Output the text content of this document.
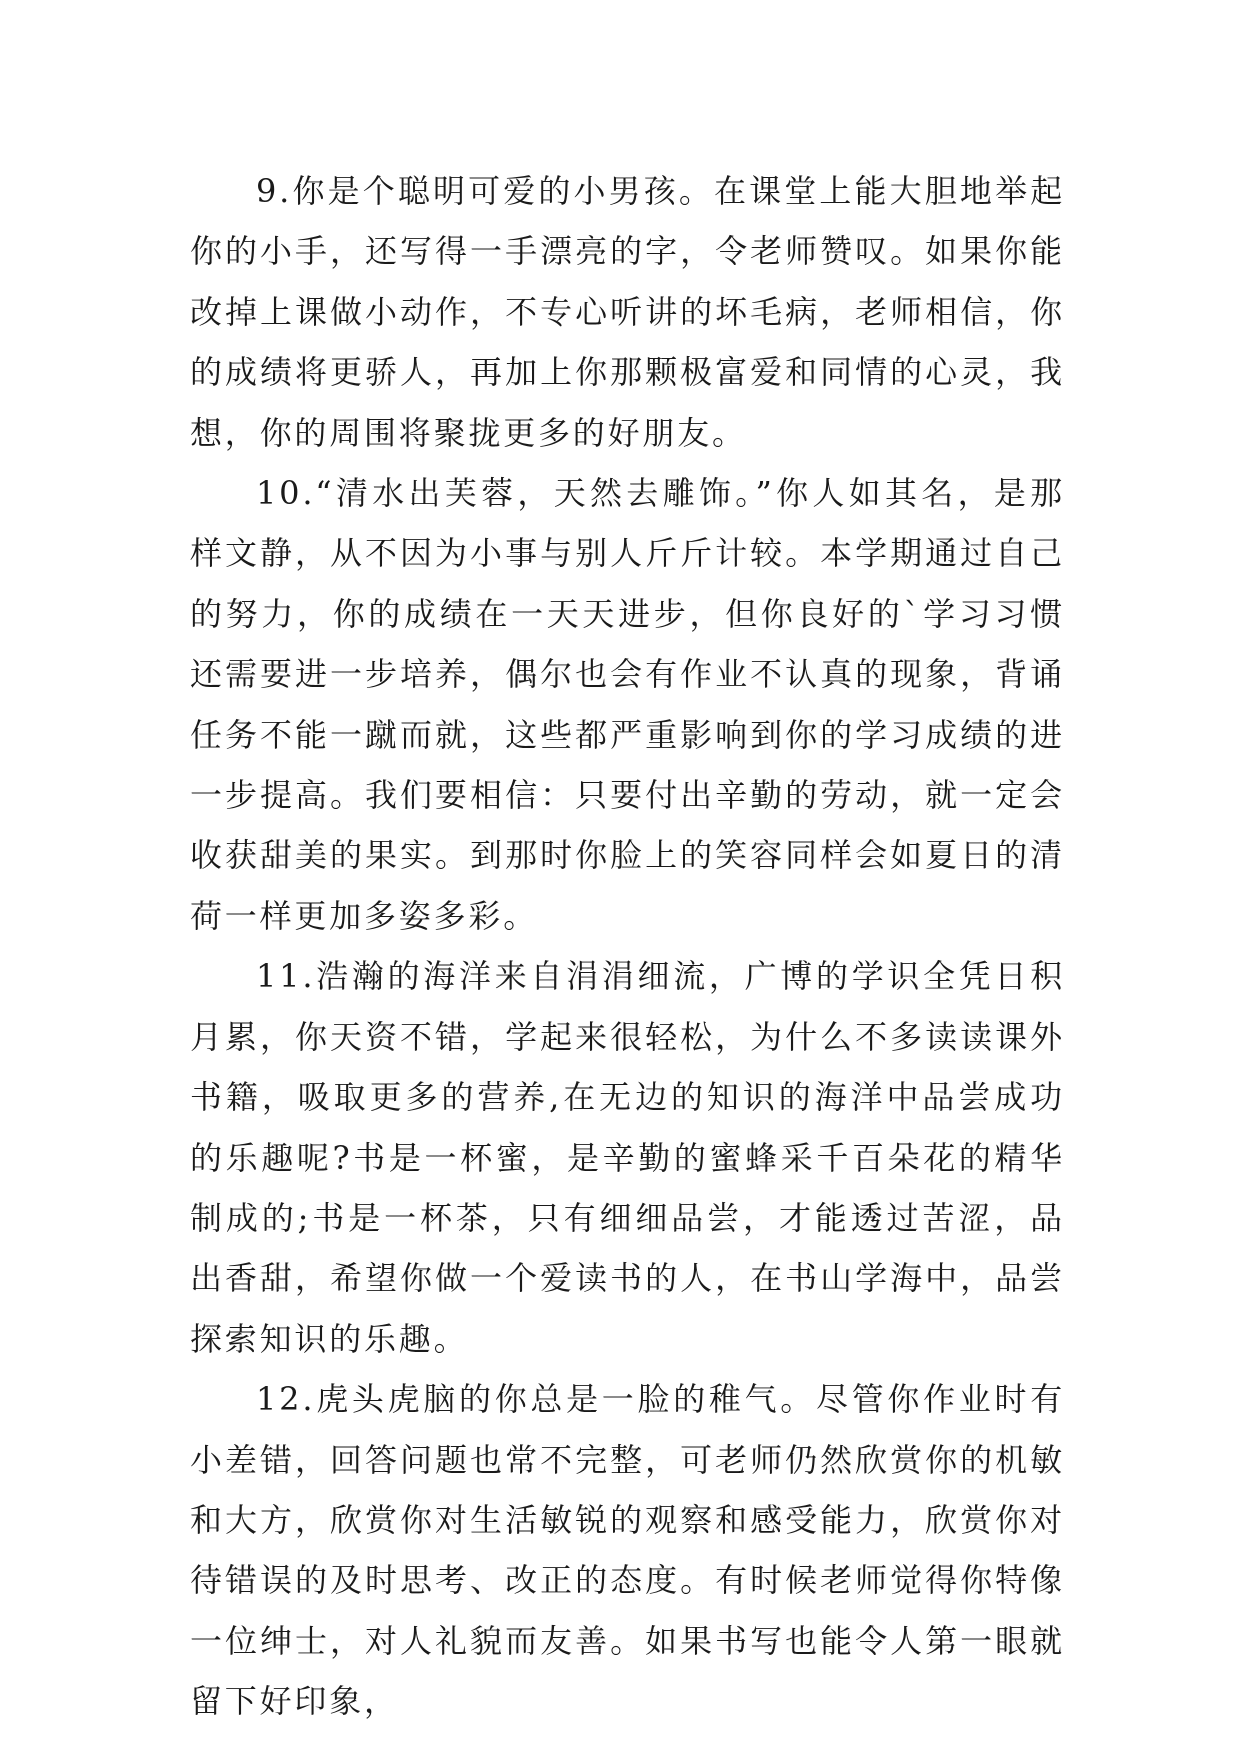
9.你是个聪明可爱的小男孩。在课堂上能大胆地举起你的小手，还写得一手漂亮的字，令老师赞叹。如果你能改掉上课做小动作，不专心听讲的坏毛病，老师相信，你的成绩将更骄人，再加上你那颗极富爱和同情的心灵，我想，你的周围将聚拢更多的好朋友。

10.“清水出芙蓉，天然去雕饰。”你人如其名，是那样文静，从不因为小事与别人斤斤计较。本学期通过自己的努力，你的成绩在一天天进步，但你良好的`学习习惯还需要进一步培养，偶尔也会有作业不认真的现象，背诵任务不能一蹴而就，这些都严重影响到你的学习成绩的进一步提高。我们要相信：只要付出辛勤的劳动，就一定会收获甜美的果实。到那时你脸上的笑容同样会如夏日的清荷一样更加多姿多彩。

11.浩瀚的海洋来自涓涓细流，广博的学识全凭日积月累，你天资不错，学起来很轻松，为什么不多读读课外书籍，吸取更多的营养,在无边的知识的海洋中品尝成功的乐趣呢?书是一杯蜜，是辛勤的蜜蜂采千百朵花的精华制成的;书是一杯茶，只有细细品尝，才能透过苦涩，品出香甜，希望你做一个爱读书的人，在书山学海中，品尝探索知识的乐趣。

12.虎头虎脑的你总是一脸的稚气。尽管你作业时有小差错，回答问题也常不完整，可老师仍然欣赏你的机敏和大方，欣赏你对生活敏锐的观察和感受能力，欣赏你对待错误的及时思考、改正的态度。有时候老师觉得你特像一位绅士，对人礼貌而友善。如果书写也能令人第一眼就留下好印象，
